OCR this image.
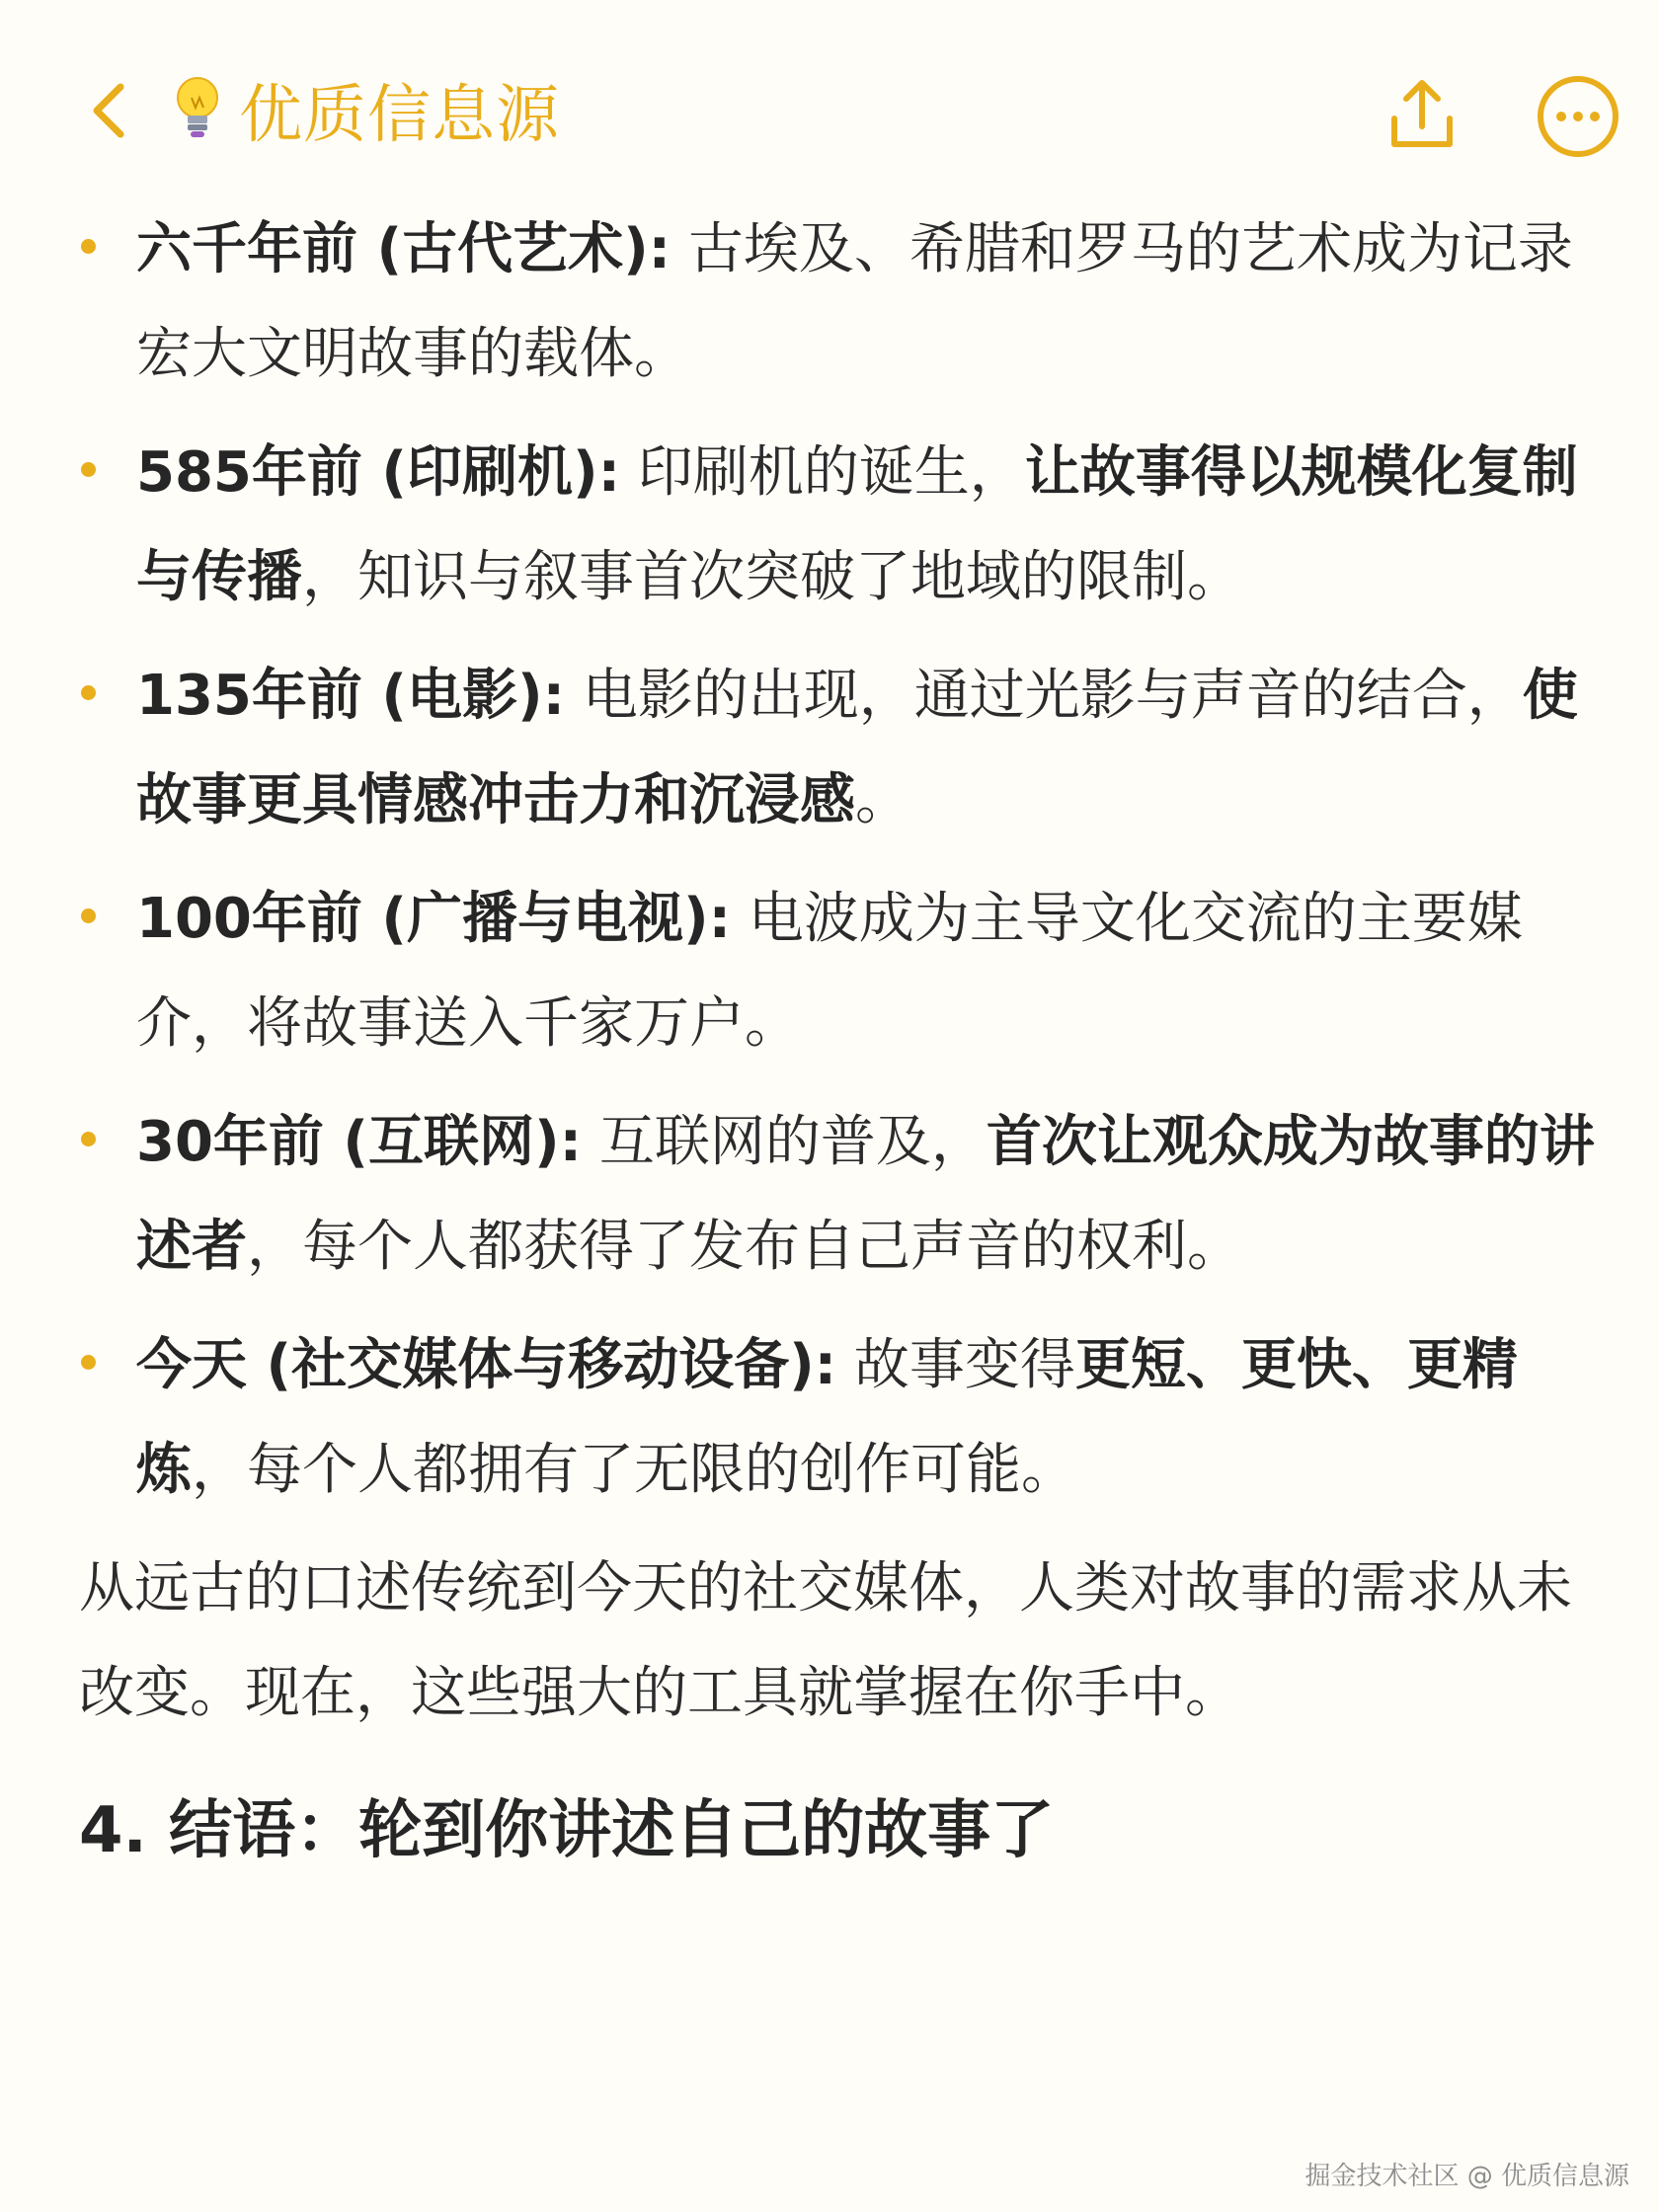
优质信息源
六千年前 (古代艺术): 古埃及、希腊和罗马的艺术成为记录宏大文明故事的载体。
585年前 (印刷机): 印刷机的诞生，让故事得以规模化复制与传播，知识与叙事首次突破了地域的限制。
135年前 (电影): 电影的出现，通过光影与声音的结合，使故事更具情感冲击力和沉浸感。
100年前 (广播与电视): 电波成为主导文化交流的主要媒介，将故事送入千家万户。
30年前 (互联网): 互联网的普及，首次让观众成为故事的讲述者，每个人都获得了发布自己声音的权利。
今天 (社交媒体与移动设备): 故事变得更短、更快、更精炼，每个人都拥有了无限的创作可能。
从远古的口述传统到今天的社交媒体，人类对故事的需求从未改变。现在，这些强大的工具就掌握在你手中。
4. 结语：轮到你讲述自己的故事了
掘金技术社区 @ 优质信息源
